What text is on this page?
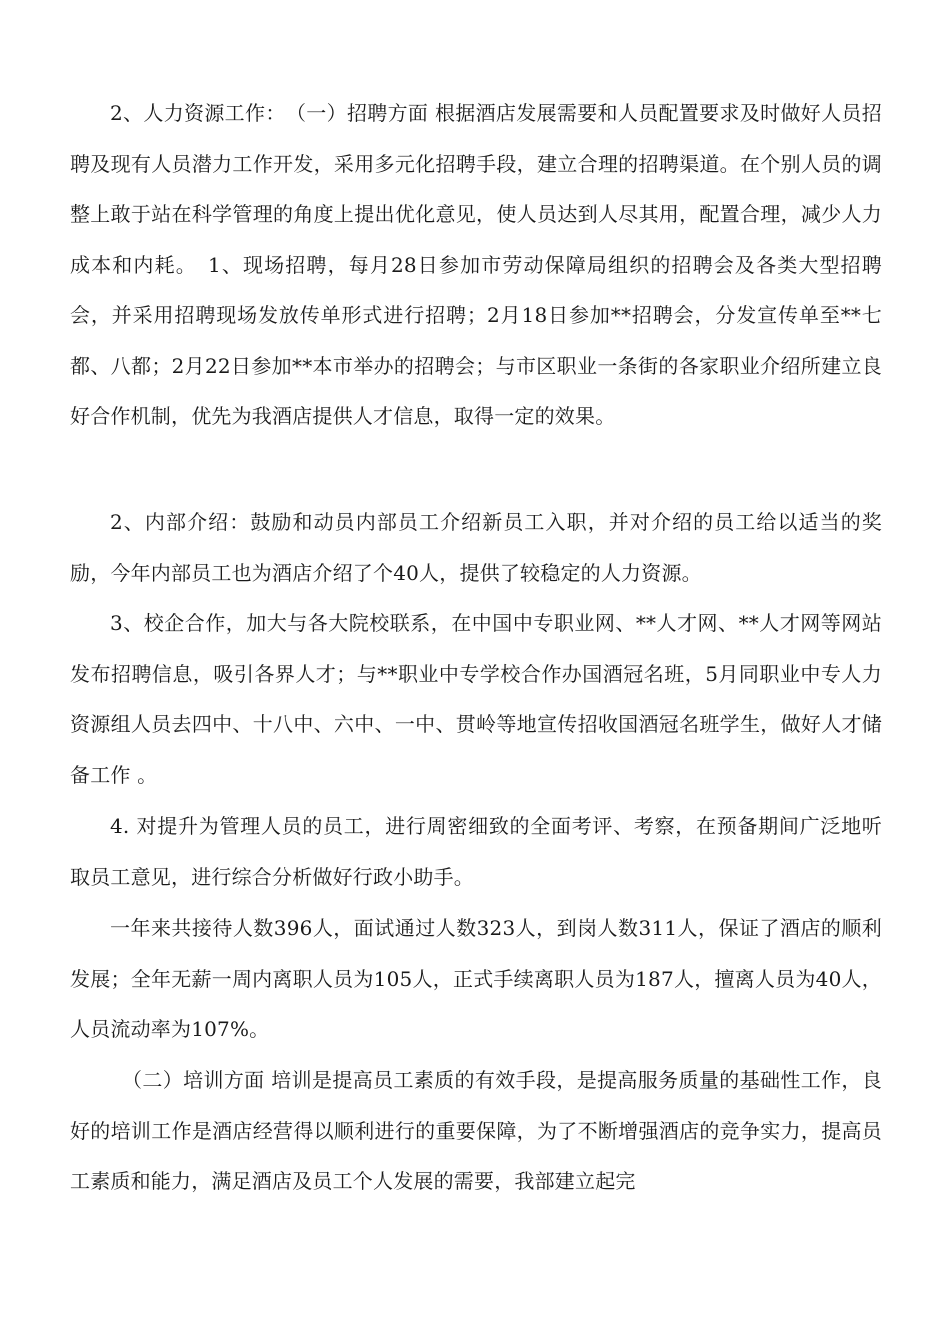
2、人力资源工作：　（一）招聘方面 根据酒店发展需要和人员配置要求及时做好人员招聘及现有人员潜力工作开发，采用多元化招聘手段，建立合理的招聘渠道。在个别人员的调整上敢于站在科学管理的角度上提出优化意见，使人员达到人尽其用，配置合理，减少人力成本和内耗。　1、现场招聘，每月28日参加市劳动保障局组织的招聘会及各类大型招聘会，并采用招聘现场发放传单形式进行招聘；2月18日参加**招聘会，分发宣传单至**七都、八都；2月22日参加**本市举办的招聘会；与市区职业一条街的各家职业介绍所建立良好合作机制，优先为我酒店提供人才信息，取得一定的效果。

2、内部介绍：鼓励和动员内部员工介绍新员工入职，并对介绍的员工给以适当的奖励，今年内部员工也为酒店介绍了个40人，提供了较稳定的人力资源。

3、校企合作，加大与各大院校联系，在中国中专职业网、**人才网、**人才网等网站发布招聘信息，吸引各界人才；与**职业中专学校合作办国酒冠名班，5月同职业中专人力资源组人员去四中、十八中、六中、一中、贯岭等地宣传招收国酒冠名班学生，做好人才储备工作 。

4. 对提升为管理人员的员工，进行周密细致的全面考评、考察，在预备期间广泛地听取员工意见，进行综合分析做好行政小助手。

一年来共接待人数396人，面试通过人数323人，到岗人数311人，保证了酒店的顺利发展；全年无薪一周内离职人员为105人，正式手续离职人员为187人，擅离人员为40人，人员流动率为107%。

（二）培训方面 培训是提高员工素质的有效手段，是提高服务质量的基础性工作，良好的培训工作是酒店经营得以顺利进行的重要保障，为了不断增强酒店的竞争实力，提高员工素质和能力，满足酒店及员工个人发展的需要，我部建立起完
